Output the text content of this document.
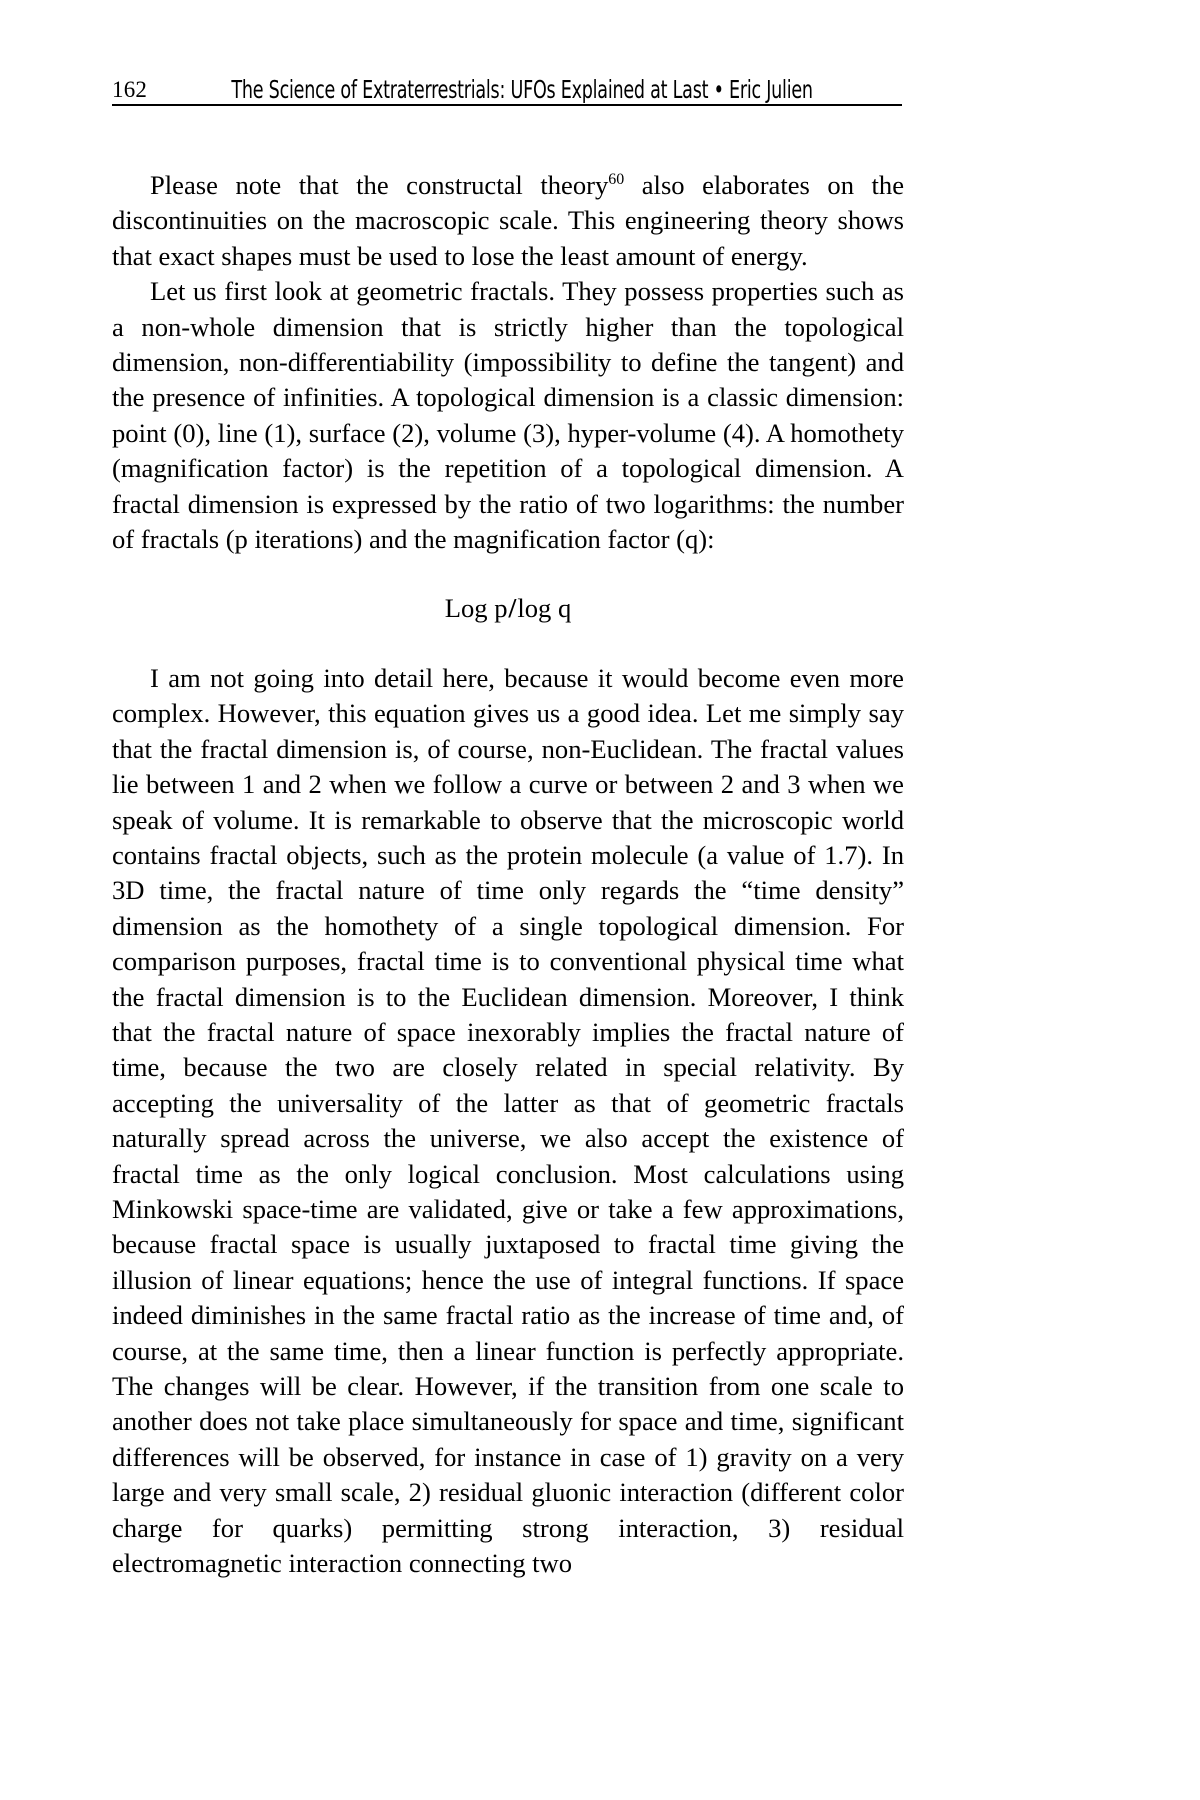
162	The Science of Extraterrestrials: UFOs Explained at Last • Eric Julien

Please note that the constructal theory$^{60}$ also elaborates on the discontinuities on the macroscopic scale. This engineering theory shows that exact shapes must be used to lose the least amount of energy.

Let us first look at geometric fractals. They possess properties such as a non-whole dimension that is strictly higher than the topological dimension, non-differentiability (impossibility to define the tangent) and the presence of infinities. A topological dimension is a classic dimension: point (0), line (1), surface (2), volume (3), hyper-volume (4). A homothety (magnification factor) is the repetition of a topological dimension. A fractal dimension is expressed by the ratio of two logarithms: the number of fractals (p iterations) and the magnification factor (q):

Log p/log q

I am not going into detail here, because it would become even more complex. However, this equation gives us a good idea. Let me simply say that the fractal dimension is, of course, non-Euclidean. The fractal values lie between 1 and 2 when we follow a curve or between 2 and 3 when we speak of volume. It is remarkable to observe that the microscopic world contains fractal objects, such as the protein molecule (a value of 1.7). In 3D time, the fractal nature of time only regards the “time density” dimension as the homothety of a single topological dimension. For comparison purposes, fractal time is to conventional physical time what the fractal dimension is to the Euclidean dimension. Moreover, I think that the fractal nature of space inexorably implies the fractal nature of time, because the two are closely related in special relativity. By accepting the universality of the latter as that of geometric fractals naturally spread across the universe, we also accept the existence of fractal time as the only logical conclusion. Most calculations using Minkowski space-time are validated, give or take a few approximations, because fractal space is usually juxtaposed to fractal time giving the illusion of linear equations; hence the use of integral functions. If space indeed diminishes in the same fractal ratio as the increase of time and, of course, at the same time, then a linear function is perfectly appropriate. The changes will be clear. However, if the transition from one scale to another does not take place simultaneously for space and time, significant differences will be observed, for instance in case of 1) gravity on a very large and very small scale, 2) residual gluonic interaction (different color charge for quarks) permitting strong interaction, 3) residual electromagnetic interaction connecting two
